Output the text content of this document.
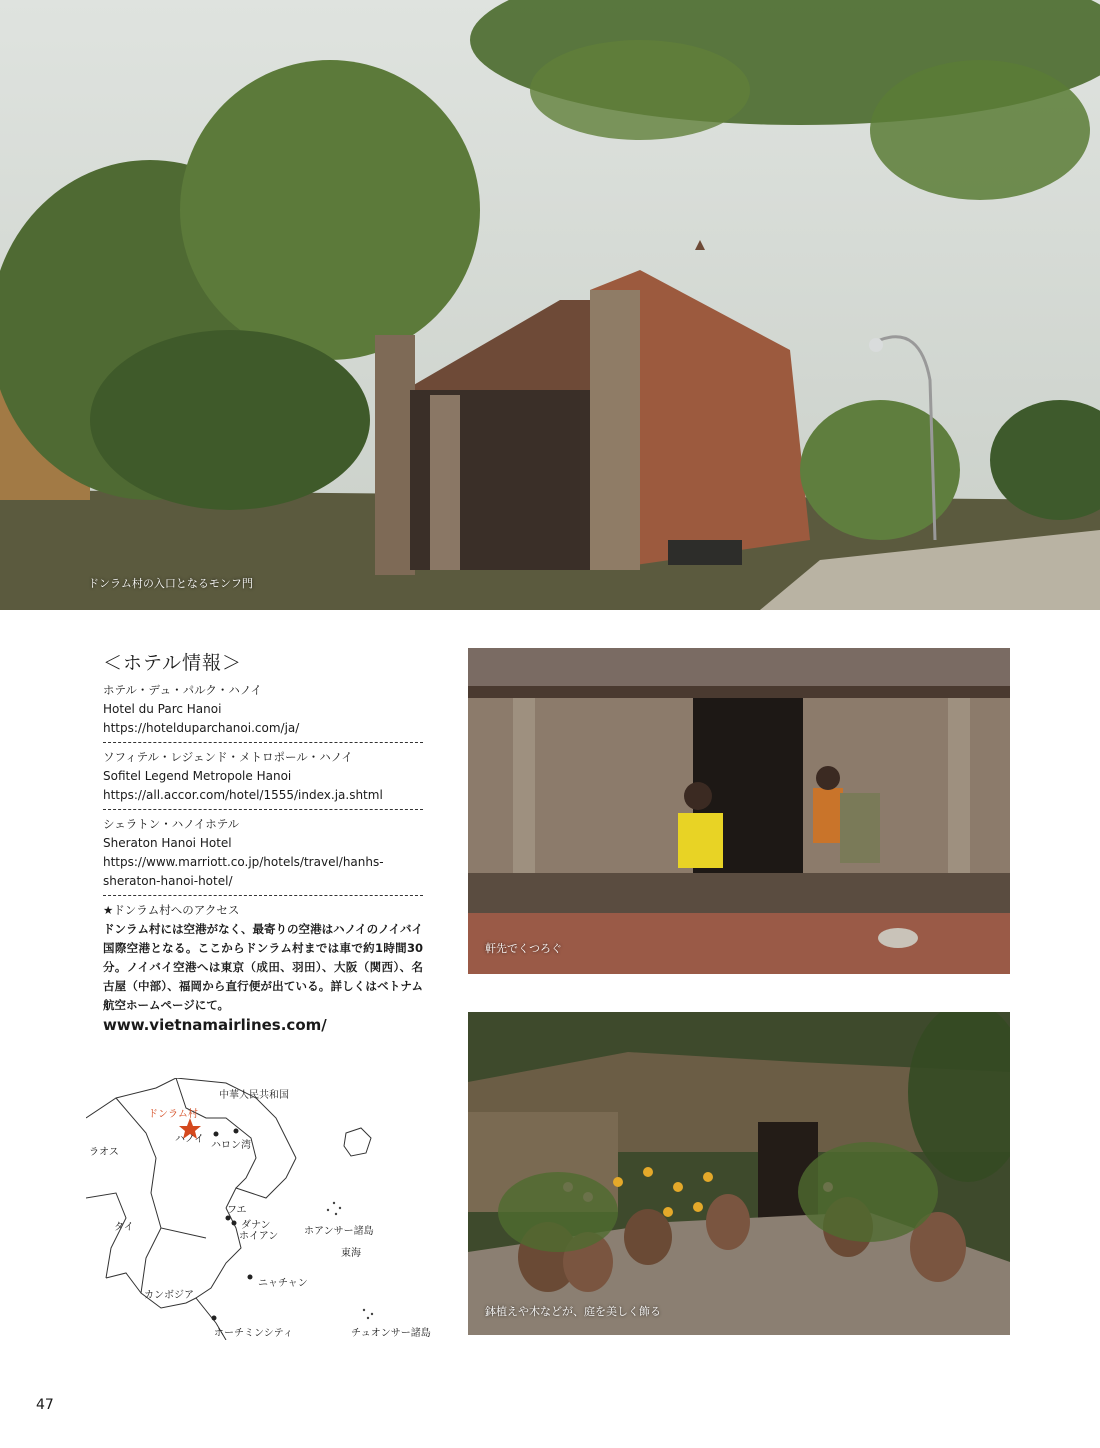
ドンラム村の入口となるモンフ門
＜ホテル情報＞
ホテル・デュ・パルク・ハノイ
Hotel du Parc Hanoi
https://hotelduparchanoi.com/ja/
ソフィテル・レジェンド・メトロポール・ハノイ
Sofitel Legend Metropole Hanoi
https://all.accor.com/hotel/1555/index.ja.shtml
シェラトン・ハノイホテル
Sheraton Hanoi Hotel
https://www.marriott.co.jp/hotels/travel/hanhs-sheraton-hanoi-hotel/
★ドンラム村へのアクセス
ドンラム村には空港がなく、最寄りの空港はハノイのノイバイ国際空港となる。ここからドンラム村までは車で約1時間30分。ノイバイ空港へは東京（成田、羽田）、大阪（関西）、名古屋（中部）、福岡から直行便が出ている。詳しくはベトナム航空ホームページにて。
www.vietnamairlines.com/
中華人民共和国
ドンラム村
ハノイ
ハロン湾
ラオス
フエ
ダナン
ホイアン
タイ	ホアンサー諸島
東海
ニャチャン
カンボジア
ホーチミンシティ	チュオンサー諸島
軒先でくつろぐ
鉢植えや木などが、庭を美しく飾る
47
